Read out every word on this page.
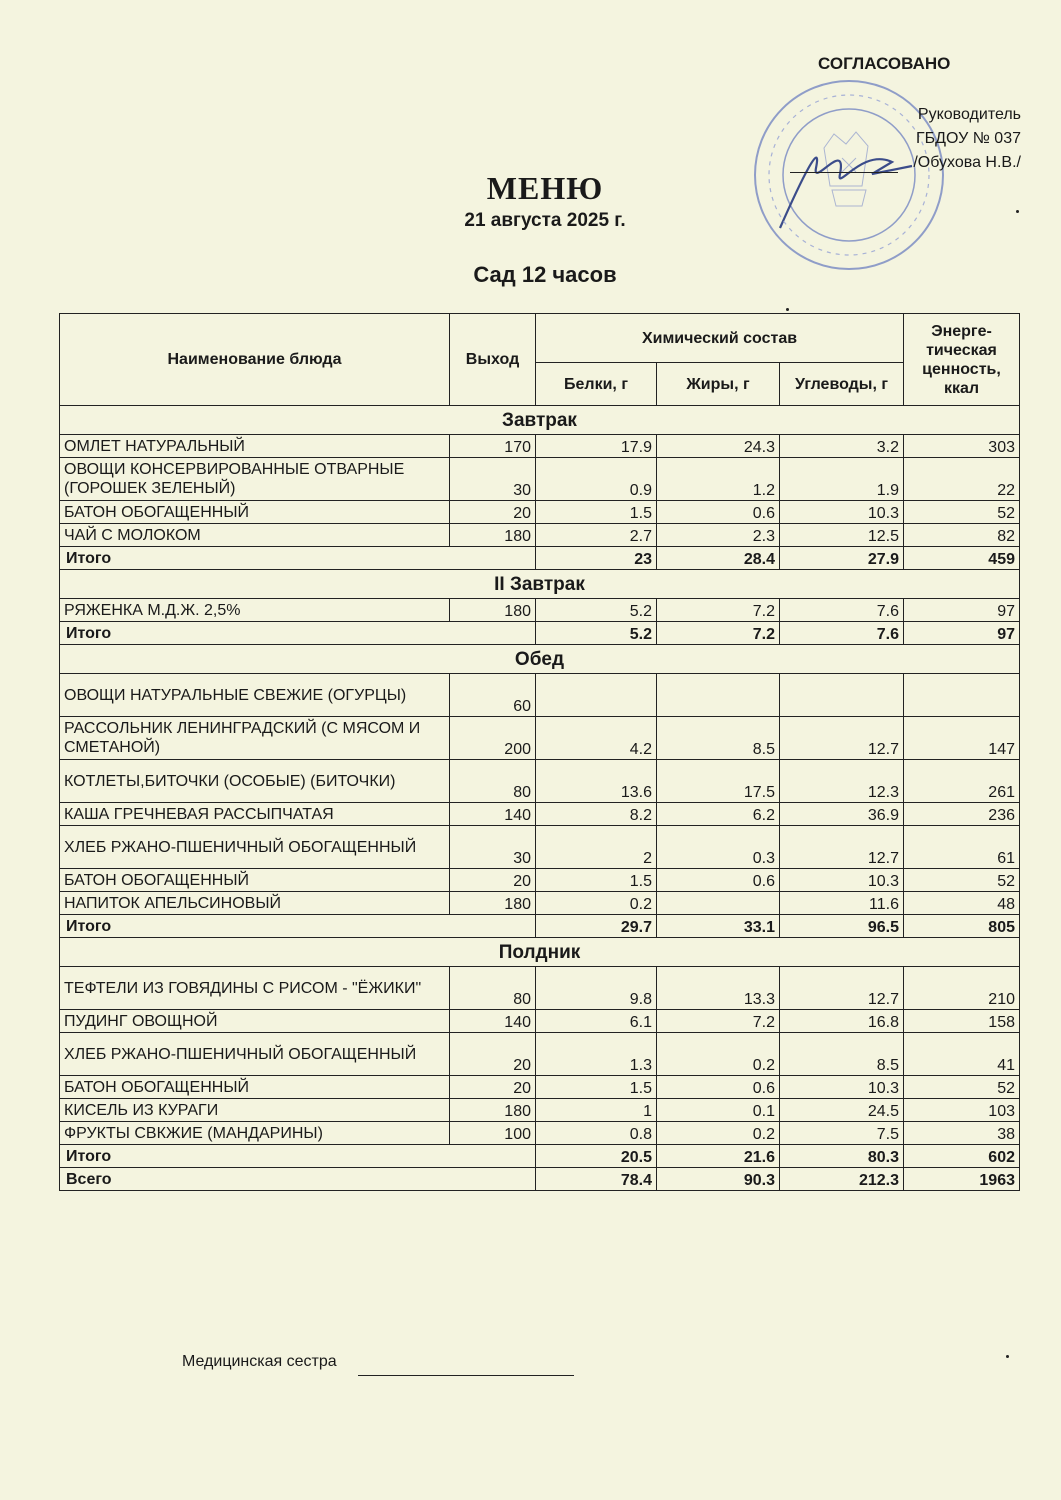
СОГЛАСОВАНО
Руководитель
ГБДОУ № 037
/Обухова Н.В./
МЕНЮ
21 августа 2025 г.
Сад 12 часов
Наименование блюда	Выход	Химический состав			Энерге-тическая ценность, ккал
		Белки, г	Жиры, г	Углеводы, г	
Завтрак					
ОМЛЕТ НАТУРАЛЬНЫЙ	170	17.9	24.3	3.2	303
ОВОЩИ КОНСЕРВИРОВАННЫЕ ОТВАРНЫЕ (ГОРОШЕК ЗЕЛЕНЫЙ)	30	0.9	1.2	1.9	22
БАТОН ОБОГАЩЕННЫЙ	20	1.5	0.6	10.3	52
ЧАЙ С МОЛОКОМ	180	2.7	2.3	12.5	82
Итого		23	28.4	27.9	459
II Завтрак					
РЯЖЕНКА М.Д.Ж. 2,5%	180	5.2	7.2	7.6	97
Итого		5.2	7.2	7.6	97
Обед					
ОВОЩИ НАТУРАЛЬНЫЕ СВЕЖИЕ (ОГУРЦЫ)	60				
РАССОЛЬНИК ЛЕНИНГРАДСКИЙ (С МЯСОМ И СМЕТАНОЙ)	200	4.2	8.5	12.7	147
КОТЛЕТЫ,БИТОЧКИ (ОСОБЫЕ) (БИТОЧКИ)	80	13.6	17.5	12.3	261
КАША ГРЕЧНЕВАЯ РАССЫПЧАТАЯ	140	8.2	6.2	36.9	236
ХЛЕБ РЖАНО-ПШЕНИЧНЫЙ ОБОГАЩЕННЫЙ	30	2	0.3	12.7	61
БАТОН ОБОГАЩЕННЫЙ	20	1.5	0.6	10.3	52
НАПИТОК АПЕЛЬСИНОВЫЙ	180	0.2		11.6	48
Итого		29.7	33.1	96.5	805
Полдник					
ТЕФТЕЛИ ИЗ ГОВЯДИНЫ С РИСОМ - "ЁЖИКИ"	80	9.8	13.3	12.7	210
ПУДИНГ ОВОЩНОЙ	140	6.1	7.2	16.8	158
ХЛЕБ РЖАНО-ПШЕНИЧНЫЙ ОБОГАЩЕННЫЙ	20	1.3	0.2	8.5	41
БАТОН ОБОГАЩЕННЫЙ	20	1.5	0.6	10.3	52
КИСЕЛЬ ИЗ КУРАГИ	180	1	0.1	24.5	103
ФРУКТЫ СВКЖИЕ (МАНДАРИНЫ)	100	0.8	0.2	7.5	38
Итого		20.5	21.6	80.3	602
Всего		78.4	90.3	212.3	1963
Медицинская сестра
